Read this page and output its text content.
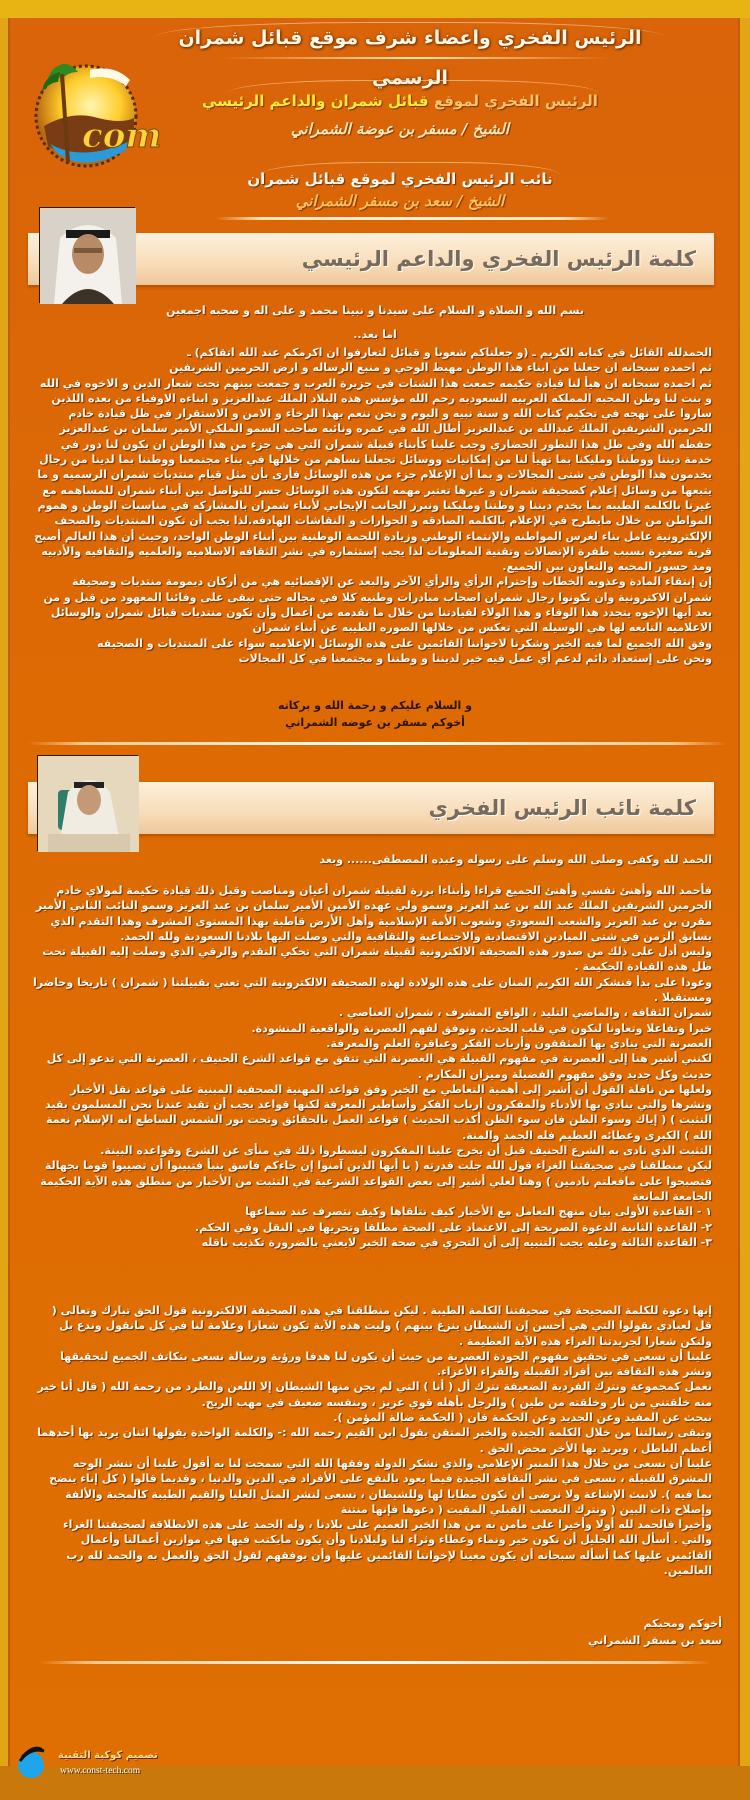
الرئيس الفخري واعضاء شرف موقع قبائل شمران الرسمي
com
الرئيس الفخري لموقع قبائل شمران والداعم الرئيسي
الشيخ / مسفر بن عوضة الشمراني
نائب الرئيس الفخري لموقع قبائل شمران
الشيخ / سعد بن مسفر الشمراني
كلمة الرئيس الفخري والداعم الرئيسي
بسم الله و الصلاة و السلام على سيدنا و نبينا محمد و على اله و صحبه اجمعين
اما بعد..

الحمدلله القائل في كتابه الكريم ـ (و جعلناكم شعوبا و قبائل لتعارفوا ان اكرمكم عند الله اتقاكم) ـ

ثم احمده سبحانه ان جعلنا من ابناء هذا الوطن مهبط الوحي و منبع الرساله و ارض الحرمين الشريفين

ثم احمده سبحانه ان هيأ لنا قيادة حكيمه جمعت هذا الشتات في جزيرة العرب و جمعت بينهم تحت شعار الدين و الاخوه في الله و بنت لنا وطن المحبه المملكه العربيه السعوديه رحم الله مؤسس هذه البلاد الملك عبدالعزيز و ابناءه الاوفياء من بعده اللذين ساروا على نهجه في تحكيم كتاب الله و سنة نبيه و اليوم و نحن ننعم بهذا الرخاء و الامن و الاستقرار في ظل قيادة خادم الحرمين الشريفين الملك عبدالله بن عبدالعزيز أطال الله في عمره ونائبه صاحب السمو الملكي الأمير سلمان بن عبدالعزيز حفظه الله وفي ظل هذا التطور الحضاري وجب علينا كأبناء قبيلة شمران التي هي جزء من هذا الوطن ان يكون لنا دور في خدمة ديننا ووطننا ومليكنا بما تهيأ لنا من إمكانيات ووسائل تجعلنا نساهم من خلالها في بناء مجتمعنا ووطننا بما لدينا من رجال يخدمون هذا الوطن في شتى المجالات و بما أن الإعلام جزء من هذه الوسائل فأرى بأن مثل قيام منتديات شمران الرسميه و ما يتبعها من وسائل إعلام كصحيفة شمران و غيرها تعتبر مهمه لتكون هذه الوسائل جسر للتواصل بين أبناء شمران للمساهمه مع غيرنا بالكلمه الطيبه بما يخدم ديننا و وطننا ومليكنا ونبرز الجانب الإيجابي لأبناء شمران بالمشاركه في مناسبات الوطن و هموم المواطن من خلال مايطرح في الإعلام بالكلمه الصادقه و الحوارات و النقاشات الهادفه.لذا يجب أن تكون المنتديات والصحف الإلكترونية عامل بناء لغرس المواطنه والإنتماء الوطني وزيادة اللحمة الوطنية بين أبناء الوطن الواحد، وحيث أن هذا العالم أصبح قرية صغيرة بسبب طفرة الإتصالات وتقنية المعلومات لذا يجب إستثماره في نشر الثقافه الاسلاميه والعلميه والثقافيه والأدبيه ومد جسور المحبه والتعاون بين الجميع.

إن إنتقاء المادة وعذوبه الخطاب وإحترام الرأي والرأي الآخر والبعد عن الإقصائيه هي من أركان ديمومة منتديات وصحيفة شمران الاكترونية وان يكونوا رجال شمران اصحاب مبادرات وطنيه كلا في مجاله حتى نبقى على وفائنا المعهود من قبل و من بعد أيها الإخوه يتجدد هذا الوفاء و هذا الولاء لقيادتنا من خلال ما نقدمه من أعمال وأن تكون منتديات قبائل شمران والوسائل الاعلاميه التابعه لها هي الوسيله التي تعكس من خلالها الصوره الطيبه عن أبناء شمران

وفق الله الجميع لما فيه الخير وشكرنا لاخواننا القائمين على هذه الوسائل الإعلاميه سواء على المنتديات و الصحيفه

ونحن على إستعداد دائم لدعم أي عمل فيه خير لديننا و وطننا و مجتمعنا في كل المجالات

و السلام عليكم و رحمة الله و بركاته
أخوكم مسفر بن عوضه الشمراني
كلمة نائب الرئيس الفخري
الحمد لله وكفى وصلى الله وسلم على رسوله وعبده المصطفى...... وبعد

فأحمد الله وأهنئ نفسي وأهنئ الجميع قراءا وأبناءا بررة لقبيلة شمران أعيان ومناصب وقبل ذلك قيادة حكيمة لمولاي خادم الحرمين الشريفين الملك عبد الله بن عبد العزيز وسمو ولي عهده الأمين الأمير سلمان بن عبد العزيز وسمو النائب الثاني الأمير مقرن بن عبد العزيز والشعب السعودي وشعوب الأمة الإسلامية وأهل الأرض قاطبة بهذا المستوى المشرف وهذا التقدم الذي يسابق الزمن في شتى الميادين الاقتصادية والاجتماعية والثقافية والتي وصلت اليها بلادنا السعودية ولله الحمد.

وليس أدل على ذلك من صدور هذه الصحيفة الالكترونية لقبيلة شمران التي تحكي التقدم والرقي الذي وصلت إليه القبيلة تحت ظل هذه القيادة الحكيمة .

وعودا على بدأ فنشكر الله الكريم المنان على هذه الولادة لهذه الصحيفة الالكترونية التي تعني بقبيلتنا ( شمران ) تاريخا وحاضرا ومستقبلا .

شمران الثقافة ، والماضي التليد ، الواقع المشرف ، شمران العناصي .

خبرا وتفاعلا وتعاونا لنكون في قلب الحدث، ونوفق لفهم العصرنة والواقعية المنشودة.

العصرنة التي ينادي بها المثقفون وأرباب الفكر وعباقرة العلم والمعرفة.

لكنني أشير هنا إلى العصرنة في مفهوم القبيلة هي العصرنة التي تتفق مع قواعد الشرع الحنيف ، العصرنة التي تدعو إلى كل حديث وكل جديد وفق مفهوم الفضيلة وميزان المكارم .

ولعلها من نافلة القول أن أشير إلى أهمية التعاطي مع الخبر وفق قواعد المهنية الصحفية المبنية على قواعد نقل الأخبار ونشرها والتي ينادي بها الأدباء والمفكرون أرباب الفكر وأساطير المعرفة لكنها قواعد يجب أن تقيد عندنا نحن المسلمون بقيد التثبت ) ( إياك وسوء الظن فان سوء الظن أكذب الحديث ) قواعد العمل بالحقائق وتحت نور الشمس الساطع انه الإسلام نعمة الله ) الكبرى وعطائه العظيم فله الحمد والمنة.

التثبت الذي نادى به الشرع الحنيف قبل أن يخرج علينا المفكرون ليسطروا ذلك في منأى عن الشرع وقواعده البينة.

ليكن منطلقنا في صحيفتنا الغراء قول الله جلت قدرته ( يا أيها الذين آمنوا إن جاءكم فاسق بنبأ فتبينوا أن تصيبوا قوما بجهالة فتصبحوا على مافعلتم نادمين ) وهنا لعلي أشير إلى بعض القواعد الشرعية في التثبت من الأخبار من منطلق هذه الآية الحكيمة الجامعة المانعة

١ - القاعدة الأولى بيان منهج التعامل مع الأخبار كيف نتلقاها وكيف نتصرف عند سماعها

٢- القاعدة الثانية الدعوة الصريحة إلى الاعتماد على الصحة مطلقا وتحريها في النقل وفي الحكم.

٣- القاعدة الثالثة وعليه يجب التنبيه إلى أن التحري في صحة الخبر لايعني بالضرورة تكذيب ناقله

إنها دعوة للكلمة الصحيحة في صحيفتنا الكلمة الطيبة . ليكن منطلقنا في هذه الصحيفة الالكترونية قول الحق تبارك وتعالى ( قل لعبادي يقولوا التي هي أحسن إن الشيطان ينزغ بينهم ) وليت هذه الآية تكون شعارا وعلامة لنا في كل مانقول وندع بل ولتكن شعارا لجريدتنا الغراء هذه الآية العظيمة .

علينا أن نسعى في تحقيق مفهوم الجودة العصرية من حيث أن يكون لنا هدفا ورؤية ورسالة نسعى بتكاتف الجميع لتحقيقها ونشر هذه الثقافة بين أفراد القبيلة والقراء الأعزاء.

نعمل كمجموعة ونترك الفردية الضعيفة نترك أل ( أنا ) التي لم يجن منها الشيطان إلا اللعن والطرد من رحمة الله ( قال أنا خير منه خلقتني من نار وخلقته من طين ) والرجل بأهله قوي عزيز ، وبنفسه ضعيف في مهب الريح.

نبحث عن المفيد وعن الجديد وعن الحكمة فان ( الحكمة ضالة المؤمن ).

وتبقى رسالتنا من خلال الكلمة الجيدة والخبر المتقن يقول ابن القيم رحمه الله :- والكلمة الواحدة يقولها اثنان يريد بها أحدهما أعظم الباطل ، ويريد بها الأخر محض الحق .

علينا أن نسعى من خلال هذا المنبر الإعلامي والذي نشكر الدولة وفقها الله التي سمحت لنا به أقول علينا أن ننشر الوجه المشرق للقبيلة ، نسعى في نشر الثقافة الجيدة فيما يعود بالنفع على الأفراد في الدين والدنيا ، وقديما قالوا ( كل إناء ينضح بما فيه ). لانبث الإشاعة ولا نرضى أن نكون مطايا لها وللشيطان ، نسعى لنشر المثل العليا والقيم الطيبة كالمحبة والألفة وإصلاح ذات البين ( ونترك التعصب القبلي المقيت ( دعوها فإنها منتنة

وأخيرا فالحمد لله أولا وأخيرا على مامن به من هذا الخير العميم على بلادنا ، وله الحمد على هذه الانطلاقة لصحيفتنا الغراء والتي . أسأل الله الجليل أن تكون خير ونماء وعطاء وثراء لنا ولبلادنا وأن يكون مايكتب فيها في موازين أعمالنا وأعمال القائمين عليها كما أسأله سبحانه أن يكون معينا لإخواننا القائمين عليها وأن يوفقهم لقول الحق والعمل به والحمد لله رب العالمين.

أخوكم ومحبكم
سعد بن مسفر الشمراني
تصميم كوكبة التقنية
www.const-tech.com
